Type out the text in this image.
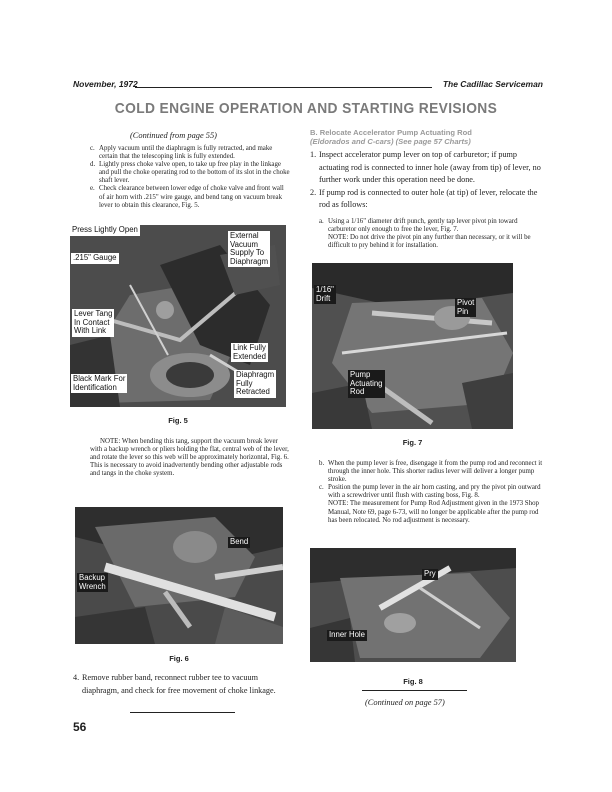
November, 1972	The Cadillac Serviceman
COLD ENGINE OPERATION AND STARTING REVISIONS
(Continued from page 55)
c. Apply vacuum until the diaphragm is fully retracted, and make certain that the telescoping link is fully extended.
d. Lightly press choke valve open, to take up free play in the linkage and pull the choke operating rod to the bottom of its slot in the choke shaft lever.
e. Check clearance between lower edge of choke valve and front wall of air horn with .215" wire gauge, and bend tang on vacuum break lever to obtain this clearance, Fig. 5.
Press Lightly Open
External
Vacuum
Supply To
Diaphragm
.215" Gauge
Lever Tang
In Contact
With Link
Link Fully
Extended
Black Mark For
Identification
Diaphragm
Fully
Retracted
Fig. 5
NOTE: When bending this tang, support the vacuum break lever with a backup wrench or pliers holding the flat, central web of the lever, and rotate the lever so this web will be approximately horizontal, Fig. 6. This is necessary to avoid inadvertently bending other adjustable rods and tangs in the choke system.
Bend
Backup
Wrench
Fig. 6
4. Remove rubber band, reconnect rubber tee to vacuum diaphragm, and check for free movement of choke linkage.
56
B. Relocate Accelerator Pump Actuating Rod
(Eldorados and C-cars) (See page 57 Charts)
1. Inspect accelerator pump lever on top of carburetor; if pump actuating rod is connected to inner hole (away from tip) of lever, no further work under this operation need be done.
2. If pump rod is connected to outer hole (at tip) of lever, relocate the rod as follows:
a. Using a 1/16" diameter drift punch, gently tap lever pivot pin toward carburetor only enough to free the lever, Fig. 7.
NOTE: Do not drive the pivot pin any further than necessary, or it will be difficult to pry behind it for installation.
1/16"
Drift	Pivot
Pin
Pump
Actuating
Rod
Fig. 7
b. When the pump lever is free, disengage it from the pump rod and reconnect it through the inner hole. This shorter radius lever will deliver a longer pump stroke.
c. Position the pump lever in the air horn casting, and pry the pivot pin outward with a screwdriver until flush with casting boss, Fig. 8.
NOTE: The measurement for Pump Rod Adjustment given in the 1973 Shop Manual, Note 69, page 6-73, will no longer be applicable after the pump rod has been relocated. No rod adjustment is necessary.
Pry
Inner Hole
Fig. 8
(Continued on page 57)
